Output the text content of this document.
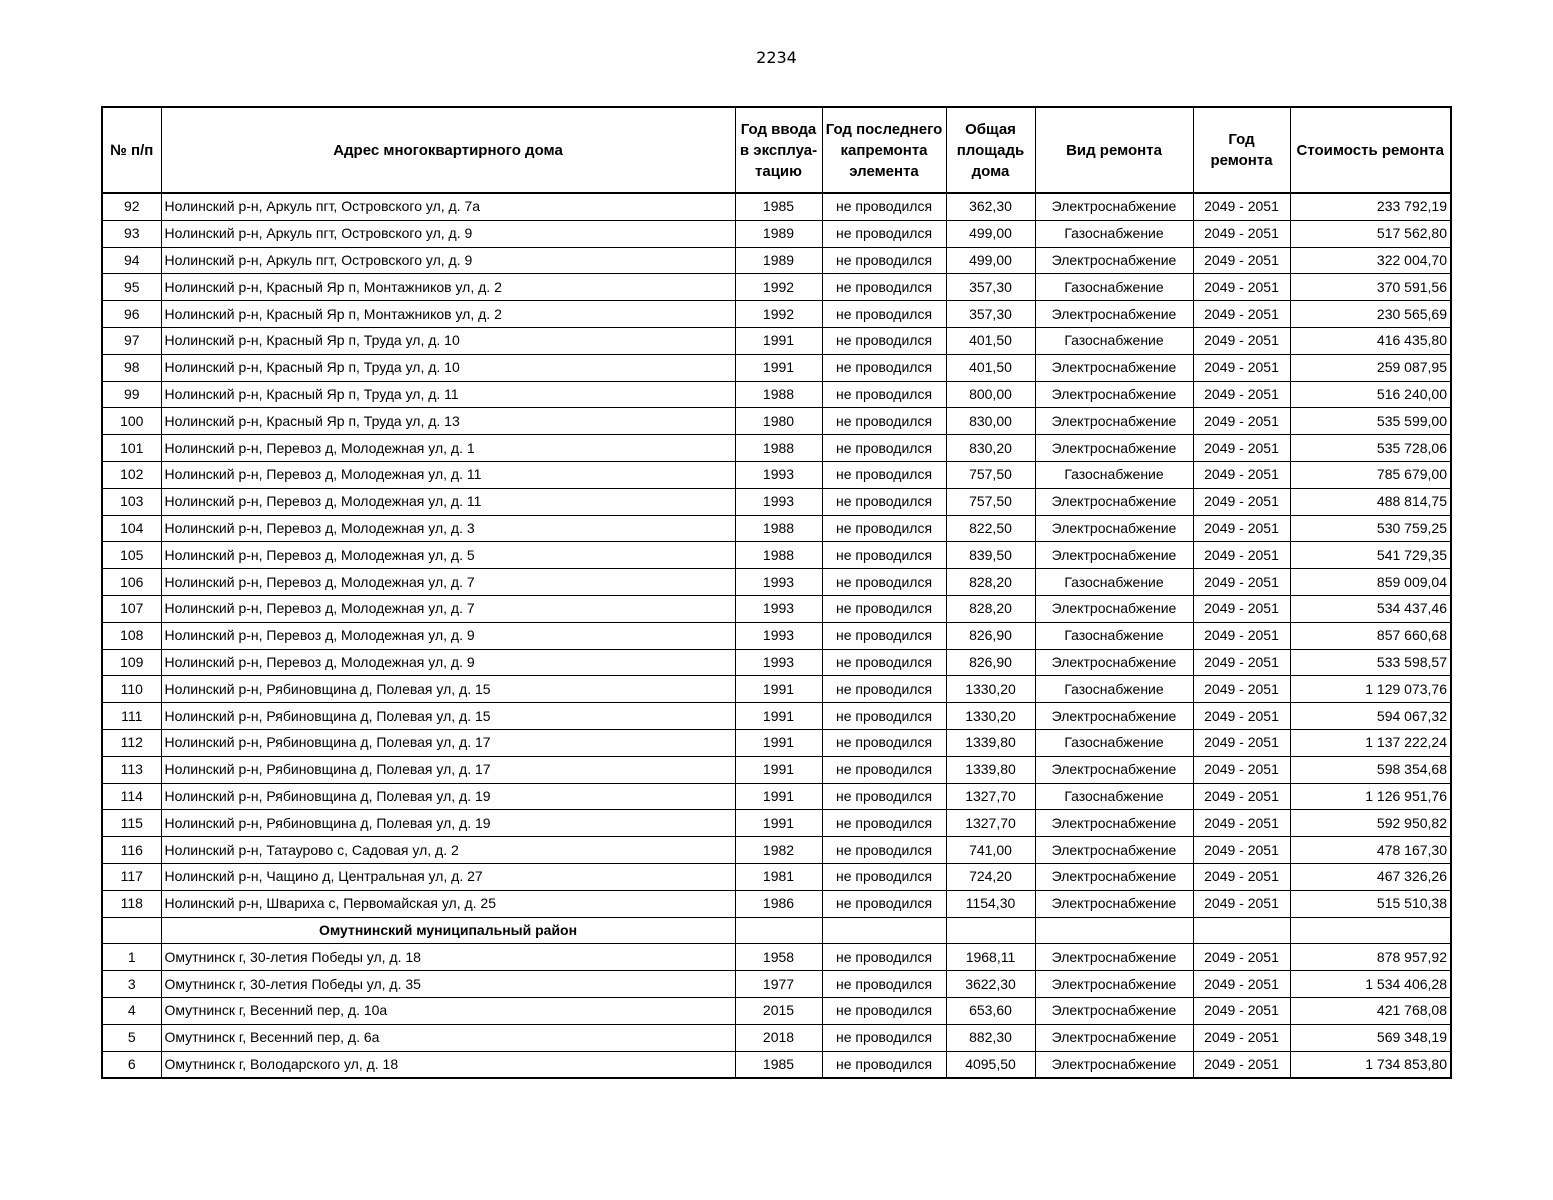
2234
№ п/п	Адрес многоквартирного дома	Год ввода в эксплуа-тацию	Год последнего капремонта элемента	Общая площадь дома	Вид ремонта	Год ремонта	Стоимость ремонта
92	Нолинский р-н, Аркуль пгт, Островского ул, д. 7а	1985	не проводился	362,30	Электроснабжение	2049 - 2051	233 792,19
93	Нолинский р-н, Аркуль пгт, Островского ул, д. 9	1989	не проводился	499,00	Газоснабжение	2049 - 2051	517 562,80
94	Нолинский р-н, Аркуль пгт, Островского ул, д. 9	1989	не проводился	499,00	Электроснабжение	2049 - 2051	322 004,70
95	Нолинский р-н, Красный Яр п, Монтажников ул, д. 2	1992	не проводился	357,30	Газоснабжение	2049 - 2051	370 591,56
96	Нолинский р-н, Красный Яр п, Монтажников ул, д. 2	1992	не проводился	357,30	Электроснабжение	2049 - 2051	230 565,69
97	Нолинский р-н, Красный Яр п, Труда ул, д. 10	1991	не проводился	401,50	Газоснабжение	2049 - 2051	416 435,80
98	Нолинский р-н, Красный Яр п, Труда ул, д. 10	1991	не проводился	401,50	Электроснабжение	2049 - 2051	259 087,95
99	Нолинский р-н, Красный Яр п, Труда ул, д. 11	1988	не проводился	800,00	Электроснабжение	2049 - 2051	516 240,00
100	Нолинский р-н, Красный Яр п, Труда ул, д. 13	1980	не проводился	830,00	Электроснабжение	2049 - 2051	535 599,00
101	Нолинский р-н, Перевоз д, Молодежная ул, д. 1	1988	не проводился	830,20	Электроснабжение	2049 - 2051	535 728,06
102	Нолинский р-н, Перевоз д, Молодежная ул, д. 11	1993	не проводился	757,50	Газоснабжение	2049 - 2051	785 679,00
103	Нолинский р-н, Перевоз д, Молодежная ул, д. 11	1993	не проводился	757,50	Электроснабжение	2049 - 2051	488 814,75
104	Нолинский р-н, Перевоз д, Молодежная ул, д. 3	1988	не проводился	822,50	Электроснабжение	2049 - 2051	530 759,25
105	Нолинский р-н, Перевоз д, Молодежная ул, д. 5	1988	не проводился	839,50	Электроснабжение	2049 - 2051	541 729,35
106	Нолинский р-н, Перевоз д, Молодежная ул, д. 7	1993	не проводился	828,20	Газоснабжение	2049 - 2051	859 009,04
107	Нолинский р-н, Перевоз д, Молодежная ул, д. 7	1993	не проводился	828,20	Электроснабжение	2049 - 2051	534 437,46
108	Нолинский р-н, Перевоз д, Молодежная ул, д. 9	1993	не проводился	826,90	Газоснабжение	2049 - 2051	857 660,68
109	Нолинский р-н, Перевоз д, Молодежная ул, д. 9	1993	не проводился	826,90	Электроснабжение	2049 - 2051	533 598,57
110	Нолинский р-н, Рябиновщина д, Полевая ул, д. 15	1991	не проводился	1330,20	Газоснабжение	2049 - 2051	1 129 073,76
111	Нолинский р-н, Рябиновщина д, Полевая ул, д. 15	1991	не проводился	1330,20	Электроснабжение	2049 - 2051	594 067,32
112	Нолинский р-н, Рябиновщина д, Полевая ул, д. 17	1991	не проводился	1339,80	Газоснабжение	2049 - 2051	1 137 222,24
113	Нолинский р-н, Рябиновщина д, Полевая ул, д. 17	1991	не проводился	1339,80	Электроснабжение	2049 - 2051	598 354,68
114	Нолинский р-н, Рябиновщина д, Полевая ул, д. 19	1991	не проводился	1327,70	Газоснабжение	2049 - 2051	1 126 951,76
115	Нолинский р-н, Рябиновщина д, Полевая ул, д. 19	1991	не проводился	1327,70	Электроснабжение	2049 - 2051	592 950,82
116	Нолинский р-н, Татаурово с, Садовая ул, д. 2	1982	не проводился	741,00	Электроснабжение	2049 - 2051	478 167,30
117	Нолинский р-н, Чащино д, Центральная ул, д. 27	1981	не проводился	724,20	Электроснабжение	2049 - 2051	467 326,26
118	Нолинский р-н, Швариха с, Первомайская ул, д. 25	1986	не проводился	1154,30	Электроснабжение	2049 - 2051	515 510,38
	Омутнинский муниципальный район						
1	Омутнинск г, 30-летия Победы ул, д. 18	1958	не проводился	1968,11	Электроснабжение	2049 - 2051	878 957,92
3	Омутнинск г, 30-летия Победы ул, д. 35	1977	не проводился	3622,30	Электроснабжение	2049 - 2051	1 534 406,28
4	Омутнинск г, Весенний пер, д. 10а	2015	не проводился	653,60	Электроснабжение	2049 - 2051	421 768,08
5	Омутнинск г, Весенний пер, д. 6а	2018	не проводился	882,30	Электроснабжение	2049 - 2051	569 348,19
6	Омутнинск г, Володарского ул, д. 18	1985	не проводился	4095,50	Электроснабжение	2049 - 2051	1 734 853,80
